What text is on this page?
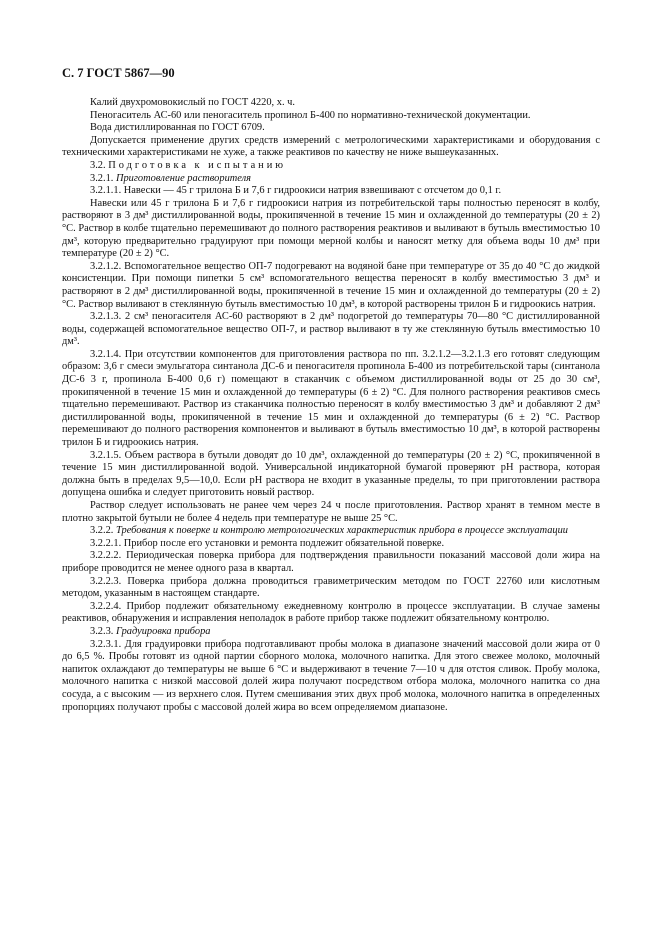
С. 7 ГОСТ 5867—90

Калий двухромовокислый по ГОСТ 4220, х. ч.

Пеногаситель АС-60 или пеногаситель пропинол Б-400 по нормативно-технической документации.

Вода дистиллированная по ГОСТ 6709.

Допускается применение других средств измерений с метрологическими характеристиками и оборудования с техническими характеристиками не хуже, а также реактивов по качеству не ниже вышеуказанных.

3.2. Подготовка к испытанию

3.2.1. Приготовление растворителя

3.2.1.1. Навески — 45 г трилона Б и 7,6 г гидроокиси натрия взвешивают с отсчетом до 0,1 г.

Навески или 45 г трилона Б и 7,6 г гидроокиси натрия из потребительской тары полностью переносят в колбу, растворяют в 3 дм³ дистиллированной воды, прокипяченной в течение 15 мин и охлажденной до температуры (20 ± 2) °С. Раствор в колбе тщательно перемешивают до полного растворения реактивов и выливают в бутыль вместимостью 10 дм³, которую предварительно градуируют при помощи мерной колбы и наносят метку для объема воды 10 дм³ при температуре (20 ± 2) °С.

3.2.1.2. Вспомогательное вещество ОП-7 подогревают на водяной бане при температуре от 35 до 40 °С до жидкой консистенции. При помощи пипетки 5 см³ вспомогательного вещества переносят в колбу вместимостью 3 дм³ и растворяют в 2 дм³ дистиллированной воды, прокипяченной в течение 15 мин и охлажденной до температуры (20 ± 2) °С. Раствор выливают в стеклянную бутыль вместимостью 10 дм³, в которой растворены трилон Б и гидроокись натрия.

3.2.1.3. 2 см³ пеногасителя АС-60 растворяют в 2 дм³ подогретой до температуры 70—80 °С дистиллированной воды, содержащей вспомогательное вещество ОП-7, и раствор выливают в ту же стеклянную бутыль вместимостью 10 дм³.

3.2.1.4. При отсутствии компонентов для приготовления раствора по пп. 3.2.1.2—3.2.1.3 его готовят следующим образом: 3,6 г смеси эмульгатора синтанола ДС-6 и пеногасителя пропинола Б-400 из потребительской тары (синтанола ДС-6 3 г, пропинола Б-400 0,6 г) помещают в стаканчик с объемом дистиллированной воды от 25 до 30 см³, прокипяченной в течение 15 мин и охлажденной до температуры (6 ± 2) °С. Для полного растворения реактивов смесь тщательно перемешивают. Раствор из стаканчика полностью переносят в колбу вместимостью 3 дм³ и добавляют 2 дм³ дистиллированной воды, прокипяченной в течение 15 мин и охлажденной до температуры (6 ± 2) °С. Раствор перемешивают до полного растворения компонентов и выливают в бутыль вместимостью 10 дм³, в которой растворены трилон Б и гидроокись натрия.

3.2.1.5. Объем раствора в бутыли доводят до 10 дм³, охлажденной до температуры (20 ± 2) °С, прокипяченной в течение 15 мин дистиллированной водой. Универсальной индикаторной бумагой проверяют рН раствора, которая должна быть в пределах 9,5—10,0. Если рН раствора не входит в указанные пределы, то при приготовлении раствора допущена ошибка и следует приготовить новый раствор.

Раствор следует использовать не ранее чем через 24 ч после приготовления. Раствор хранят в темном месте в плотно закрытой бутыли не более 4 недель при температуре не выше 25 °С.

3.2.2. Требования к поверке и контролю метрологических характеристик прибора в процессе эксплуатации

3.2.2.1. Прибор после его установки и ремонта подлежит обязательной поверке.

3.2.2.2. Периодическая поверка прибора для подтверждения правильности показаний массовой доли жира на приборе проводится не менее одного раза в квартал.

3.2.2.3. Поверка прибора должна проводиться гравиметрическим методом по ГОСТ 22760 или кислотным методом, указанным в настоящем стандарте.

3.2.2.4. Прибор подлежит обязательному ежедневному контролю в процессе эксплуатации. В случае замены реактивов, обнаружения и исправления неполадок в работе прибор также подлежит обязательному контролю.

3.2.3. Градуировка прибора

3.2.3.1. Для градуировки прибора подготавливают пробы молока в диапазоне значений массовой доли жира от 0 до 6,5 %. Пробы готовят из одной партии сборного молока, молочного напитка. Для этого свежее молоко, молочный напиток охлаждают до температуры не выше 6 °С и выдерживают в течение 7—10 ч для отстоя сливок. Пробу молока, молочного напитка с низкой массовой долей жира получают посредством отбора молока, молочного напитка со дна сосуда, а с высоким — из верхнего слоя. Путем смешивания этих двух проб молока, молочного напитка в определенных пропорциях получают пробы с массовой долей жира во всем определяемом диапазоне.
